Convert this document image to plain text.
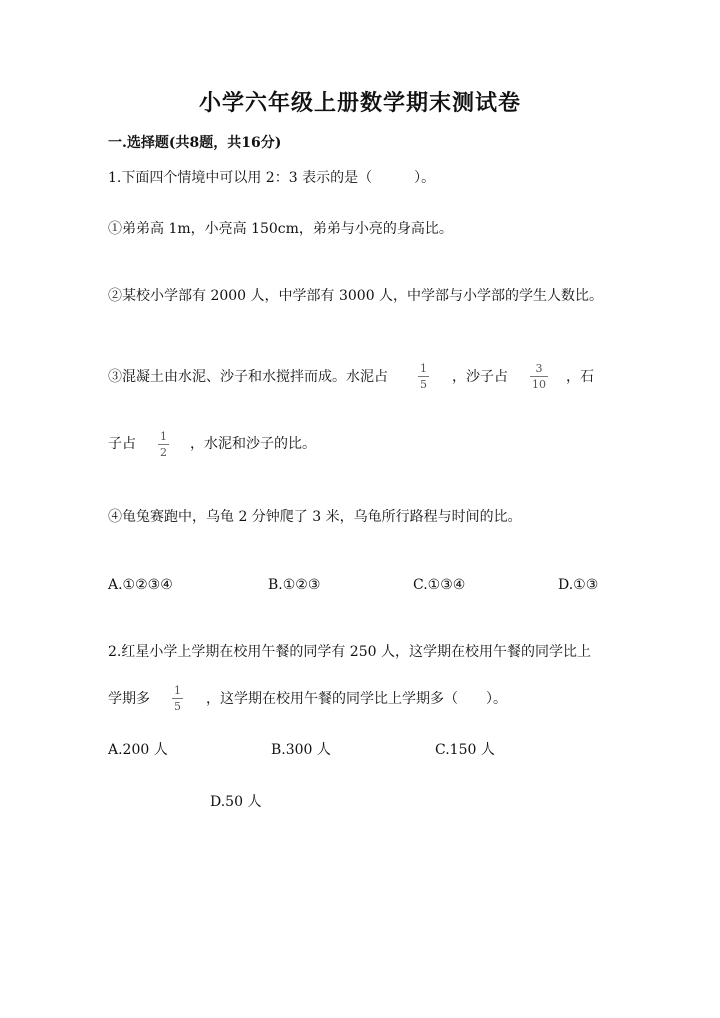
小学六年级上册数学期末测试卷
一.选择题(共8题，共16分)
1.下面四个情境中可以用 2：3 表示的是（　　　）。
①弟弟高 1m，小亮高 150cm，弟弟与小亮的身高比。
②某校小学部有 2000 人，中学部有 3000 人，中学部与小学部的学生人数比。
③混凝土由水泥、沙子和水搅拌而成。水泥占
1
5 ，沙子占
3
10 ，石
子占 1
2
，水泥和沙子的比。
④龟兔赛跑中，乌龟 2 分钟爬了 3 米，乌龟所行路程与时间的比。
A.①②③④	B.①②③	C.①③④	D.①③
2.红星小学上学期在校用午餐的同学有 250 人，这学期在校用午餐的同学比上
学期多
1
5 ，这学期在校用午餐的同学比上学期多（　　）。
A.200 人	B.300 人	C.150 人
D.50 人
